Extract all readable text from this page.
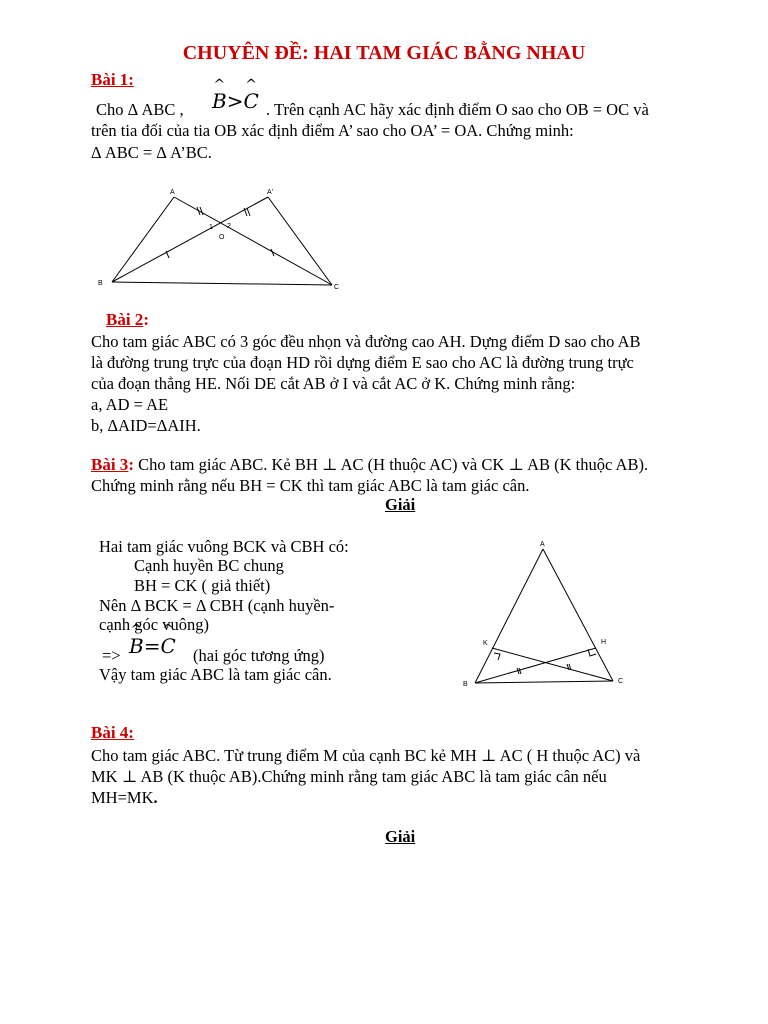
CHUYÊN ĐỀ: HAI TAM GIÁC BẰNG NHAU
Bài 1:
Cho Δ ABC , ^ B>^ C . Trên cạnh AC hãy xác định điểm O sao cho OB = OC và
trên tia đối của tia OB xác định điểm A’ sao cho OA’ = OA. Chứng minh:
Δ ABC = Δ A’BC.
A	A'
B
C
O
1 2
Bài 2:
Cho tam giác ABC có 3 góc đều nhọn và đường cao AH. Dựng điểm D sao cho AB
là đường trung trực của đoạn HD rồi dựng điểm E sao cho AC là đường trung trực
của đoạn thẳng HE. Nối DE cắt AB ở I và cắt AC ở K. Chứng minh rằng:
a, AD = AE
b, ΔAID=ΔAIH.
Bài 3: Cho tam giác ABC. Kẻ BH ⊥ AC (H thuộc AC) và CK ⊥ AB (K thuộc AB).
Chứng minh rằng nếu BH = CK thì tam giác ABC là tam giác cân.
Giải
Hai tam giác vuông BCK và CBH có:
Cạnh huyền BC chung
BH = CK ( giả thiết)
Nên Δ BCK = Δ CBH (cạnh huyền-
cạnh góc vuông)
=> ^ B=^ C (hai góc tương ứng)
Vậy tam giác ABC là tam giác cân.
A
B	C
K	H
Bài 4:
Cho tam giác ABC. Từ trung điểm M của cạnh BC kẻ MH ⊥ AC ( H thuộc AC) và
MK ⊥ AB (K thuộc AB).Chứng minh rằng tam giác ABC là tam giác cân nếu
MH=MK.
Giải
